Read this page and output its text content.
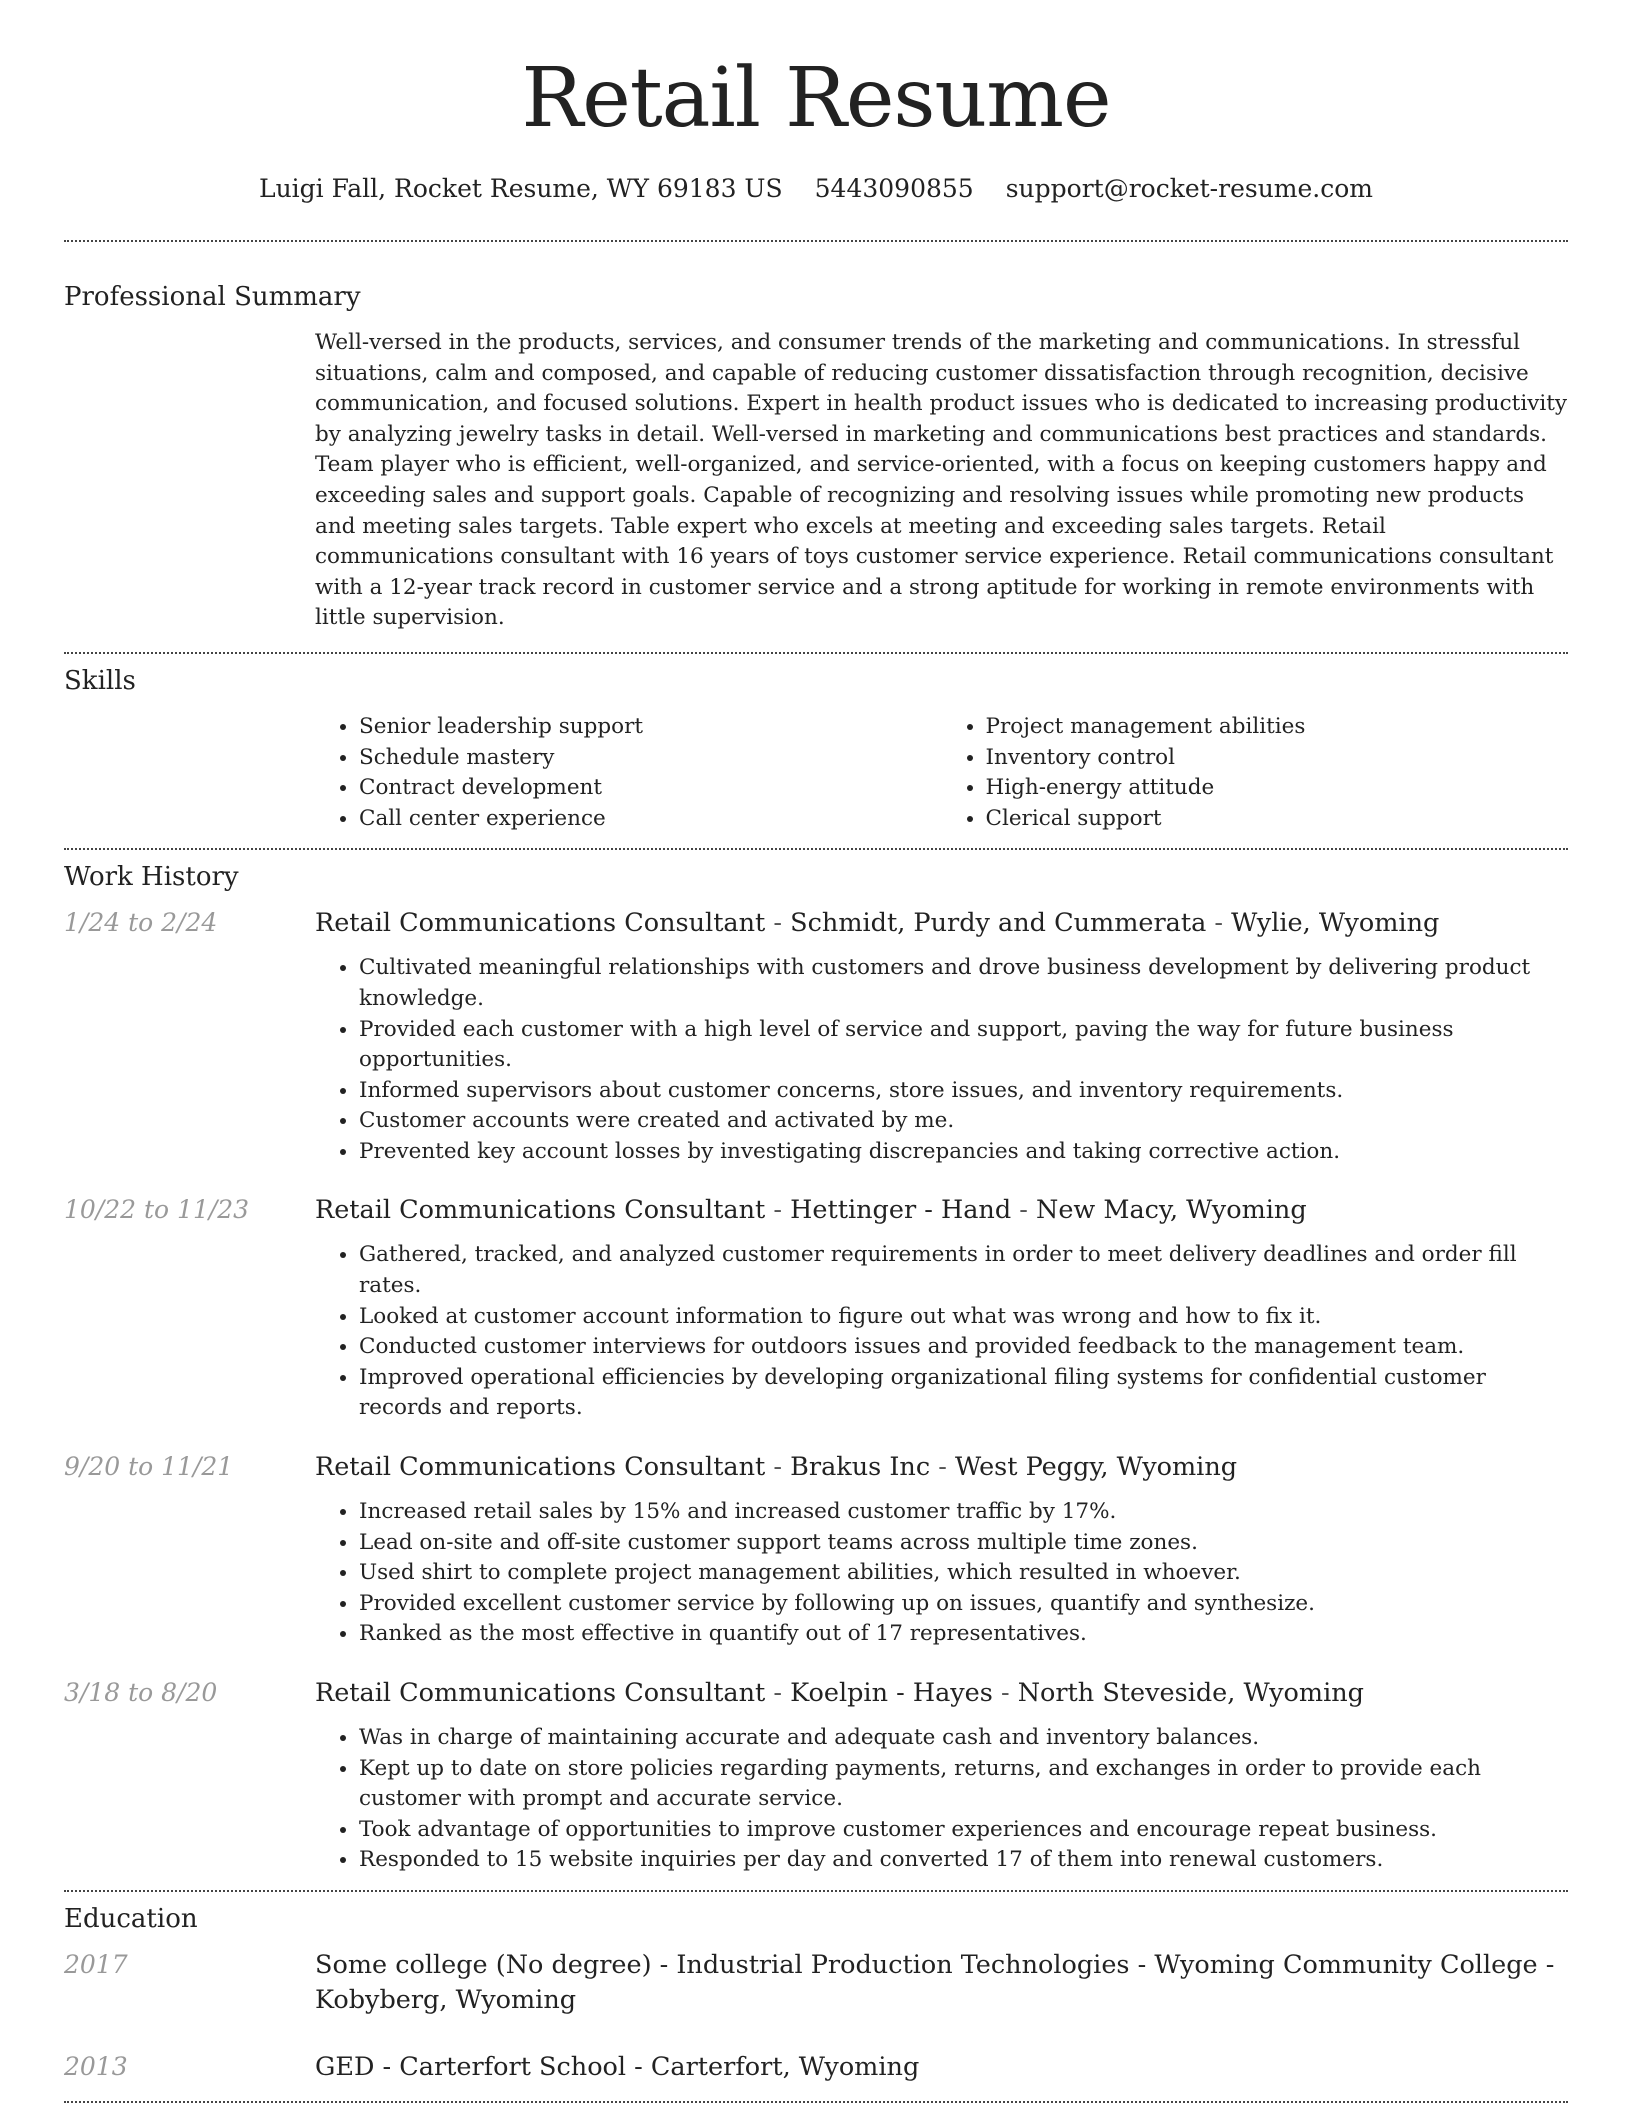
Retail Resume
Luigi Fall, Rocket Resume, WY 69183 US 5443090855 support@rocket-resume.com
Professional Summary

Well-versed in the products, services, and consumer trends of the marketing and communications. In stressful situations, calm and composed, and capable of reducing customer dissatisfaction through recognition, decisive communication, and focused solutions. Expert in health product issues who is dedicated to increasing productivity by analyzing jewelry tasks in detail. Well-versed in marketing and communications best practices and standards. Team player who is efficient, well-organized, and service-oriented, with a focus on keeping customers happy and exceeding sales and support goals. Capable of recognizing and resolving issues while promoting new products and meeting sales targets. Table expert who excels at meeting and exceeding sales targets. Retail communications consultant with 16 years of toys customer service experience. Retail communications consultant with a 12-year track record in customer service and a strong aptitude for working in remote environments with little supervision.

Skills
• Senior leadership support
• Schedule mastery
• Contract development
• Call center experience
• Project management abilities
• Inventory control
• High-energy attitude
• Clerical support
Work History
1/24 to 2/24	Retail Communications Consultant - Schmidt, Purdy and Cummerata - Wylie, Wyoming

• Cultivated meaningful relationships with customers and drove business development by delivering product knowledge.
• Provided each customer with a high level of service and support, paving the way for future business opportunities.
• Informed supervisors about customer concerns, store issues, and inventory requirements.
• Customer accounts were created and activated by me.
• Prevented key account losses by investigating discrepancies and taking corrective action.
10/22 to 11/23	Retail Communications Consultant - Hettinger - Hand - New Macy, Wyoming

• Gathered, tracked, and analyzed customer requirements in order to meet delivery deadlines and order fill rates.
• Looked at customer account information to figure out what was wrong and how to fix it.
• Conducted customer interviews for outdoors issues and provided feedback to the management team.
• Improved operational efficiencies by developing organizational filing systems for confidential customer records and reports.
9/20 to 11/21	Retail Communications Consultant - Brakus Inc - West Peggy, Wyoming

• Increased retail sales by 15% and increased customer traffic by 17%.
• Lead on-site and off-site customer support teams across multiple time zones.
• Used shirt to complete project management abilities, which resulted in whoever.
• Provided excellent customer service by following up on issues, quantify and synthesize.
• Ranked as the most effective in quantify out of 17 representatives.
3/18 to 8/20	Retail Communications Consultant - Koelpin - Hayes - North Steveside, Wyoming

• Was in charge of maintaining accurate and adequate cash and inventory balances.
• Kept up to date on store policies regarding payments, returns, and exchanges in order to provide each customer with prompt and accurate service.
• Took advantage of opportunities to improve customer experiences and encourage repeat business.
• Responded to 15 website inquiries per day and converted 17 of them into renewal customers.
Education
2017	Some college (No degree) - Industrial Production Technologies - Wyoming Community College - Kobyberg, Wyoming

2013	GED - Carterfort School - Carterfort, Wyoming
